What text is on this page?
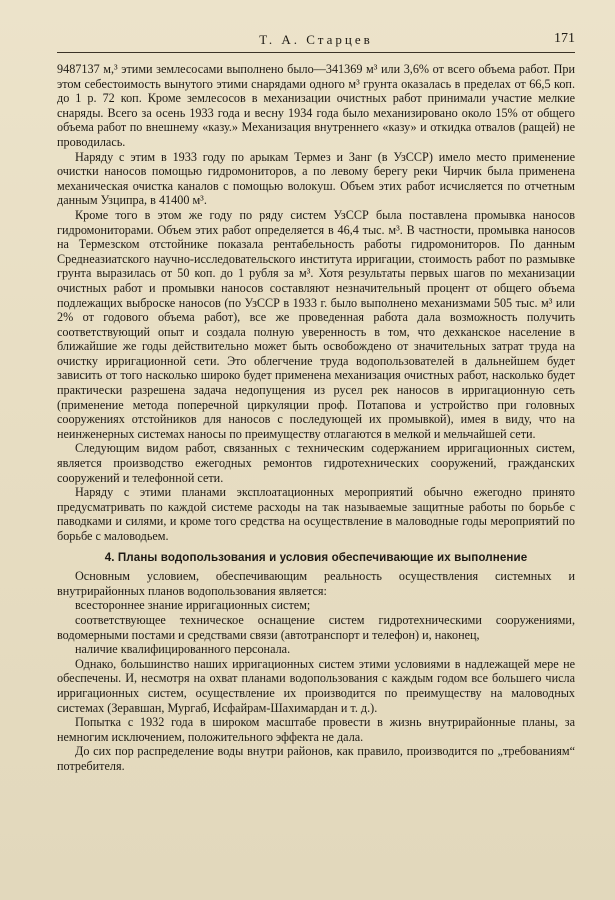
Т. А. Старцев	171

9487137 м,³ этими землесосами выполнено было—341369 м³ или 3,6% от всего объема работ. При этом себестоимость вынутого этими снарядами одного м³ грунта оказалась в пределах от 66,5 коп. до 1 р. 72 коп. Кроме землесосов в механизации очистных работ принимали участие мелкие снаряды. Всего за осень 1933 года и весну 1934 года было механизировано около 15% от общего объема работ по внешнему «казу.» Механизация внутреннего «казу» и откидка отвалов (ращей) не проводилась.

Наряду с этим в 1933 году по арыкам Термез и Занг (в УзССР) имело место применение очистки наносов помощью гидромониторов, а по левому берегу реки Чирчик была применена механическая очистка каналов с помощью волокуш. Объем этих работ исчисляется по отчетным данным Узципра, в 41400 м³.

Кроме того в этом же году по ряду систем УзССР была поставлена промывка наносов гидромониторами. Объем этих работ определяется в 46,4 тыс. м³. В частности, промывка наносов на Термезском отстойнике показала рентабельность работы гидромониторов. По данным Среднеазиатского научно-исследовательского института ирригации, стоимость работ по размывке грунта выразилась от 50 коп. до 1 рубля за м³. Хотя результаты первых шагов по механизации очистных работ и промывки наносов составляют незначительный процент от общего объема подлежащих выброске наносов (по УзССР в 1933 г. было выполнено механизмами 505 тыс. м³ или 2% от годового объема работ), все же проведенная работа дала возможность получить соответствующий опыт и создала полную уверенность в том, что дехканское население в ближайшие же годы действительно может быть освобождено от значительных затрат труда на очистку ирригационной сети. Это облегчение труда водопользователей в дальнейшем будет зависить от того насколько широко будет применена механизация очистных работ, насколько будет практически разрешена задача недопущения из русел рек наносов в ирригационную сеть (применение метода поперечной циркуляции проф. Потапова и устройство при головных сооружениях отстойников для наносов с последующей их промывкой), имея в виду, что на неинженерных системах наносы по преимуществу отлагаются в мелкой и мельчайшей сети.

Следующим видом работ, связанных с техническим содержанием ирригационных систем, является производство ежегодных ремонтов гидротехнических сооружений, гражданских сооружений и телефонной сети.

Наряду с этими планами эксплоатационных мероприятий обычно ежегодно принято предусматривать по каждой системе расходы на так называемые защитные работы по борьбе с паводками и силями, и кроме того средства на осуществление в маловодные годы мероприятий по борьбе с маловодьем.

4. Планы водопользования и условия обеспечивающие их выполнение

Основным условием, обеспечивающим реальность осуществления системных и внутрирайонных планов водопользования является:

всестороннее знание ирригационных систем;

соответствующее техническое оснащение систем гидротехническими сооружениями, водомерными постами и средствами связи (автотранспорт и телефон) и, наконец,

наличие квалифицированного персонала.

Однако, большинство наших ирригационных систем этими условиями в надлежащей мере не обеспечены. И, несмотря на охват планами водопользования с каждым годом все большего числа ирригационных систем, осуществление их производится по преимуществу на маловодных системах (Зеравшан, Мургаб, Исфайрам-Шахимардан и т. д.).

Попытка с 1932 года в широком масштабе провести в жизнь внутрирайонные планы, за немногим исключением, положительного эффекта не дала.

До сих пор распределение воды внутри районов, как правило, производится по „требованиям“ потребителя.
